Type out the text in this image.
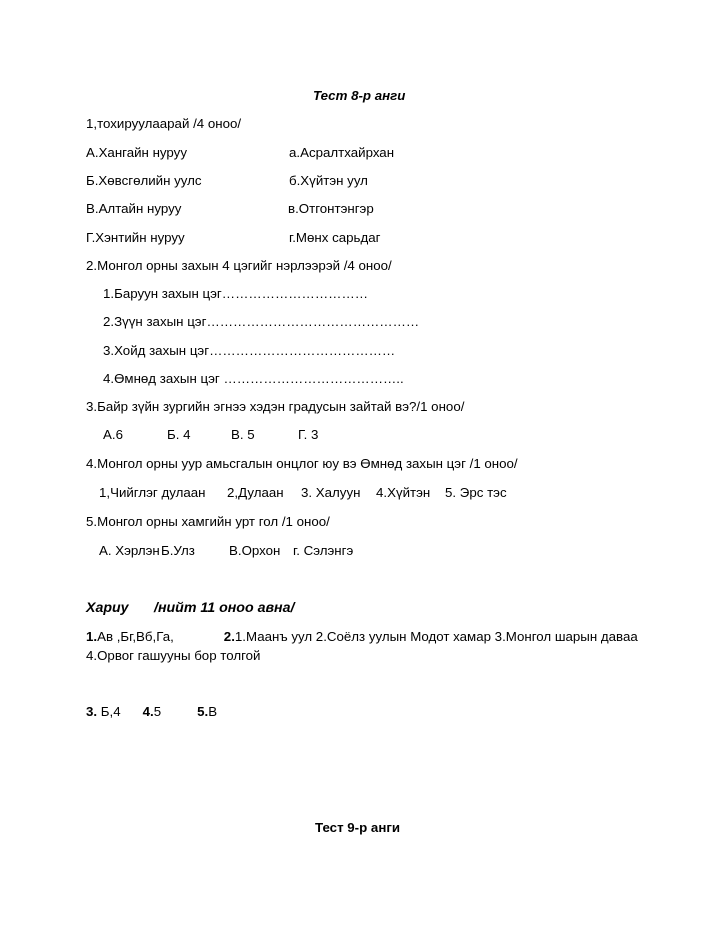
Тест 8-р анги
1,тохируулаарай /4 оноо/
А.Хангайн нуруу	а.Асралтхайрхан
Б.Хөвсгөлийн уулс	б.Хүйтэн уул
В.Алтайн нуруу	в.Отгонтэнгэр
Г.Хэнтийн нуруу	г.Мөнх сарьдаг
2.Монгол орны захын 4 цэгийг нэрлээрэй /4 оноо/
1.Баруун захын цэг……………………………
2.Зүүн захын цэг…………………………………………
3.Хойд захын цэг……………………………………
4.Өмнөд захын цэг …………………………………..
3.Байр зүйн зургийн эгнээ хэдэн градусын зайтай вэ?/1 оноо/
А.6	Б. 4	В. 5	Г. 3
4.Монгол орны уур амьсгалын онцлог юу вэ Өмнөд захын цэг /1 оноо/
1,Чийглэг дулаан 2,Дулаан 3. Халуун 4.Хүйтэн 5. Эрс тэс
5.Монгол орны хамгийн урт гол /1 оноо/
А. Хэрлэн Б.Улз	В.Орхон г. Сэлэнгэ
Хариу /нийт 11 оноо авна/
1.Ав ,Бг,Вб,Га,	2.1.Маанъ уул 2.Соёлз уулын Модот хамар 3.Монгол шарын даваа 4.Орвог гашууны бор толгой
3. Б,4 4.5	5.В
Тест 9-р анги
